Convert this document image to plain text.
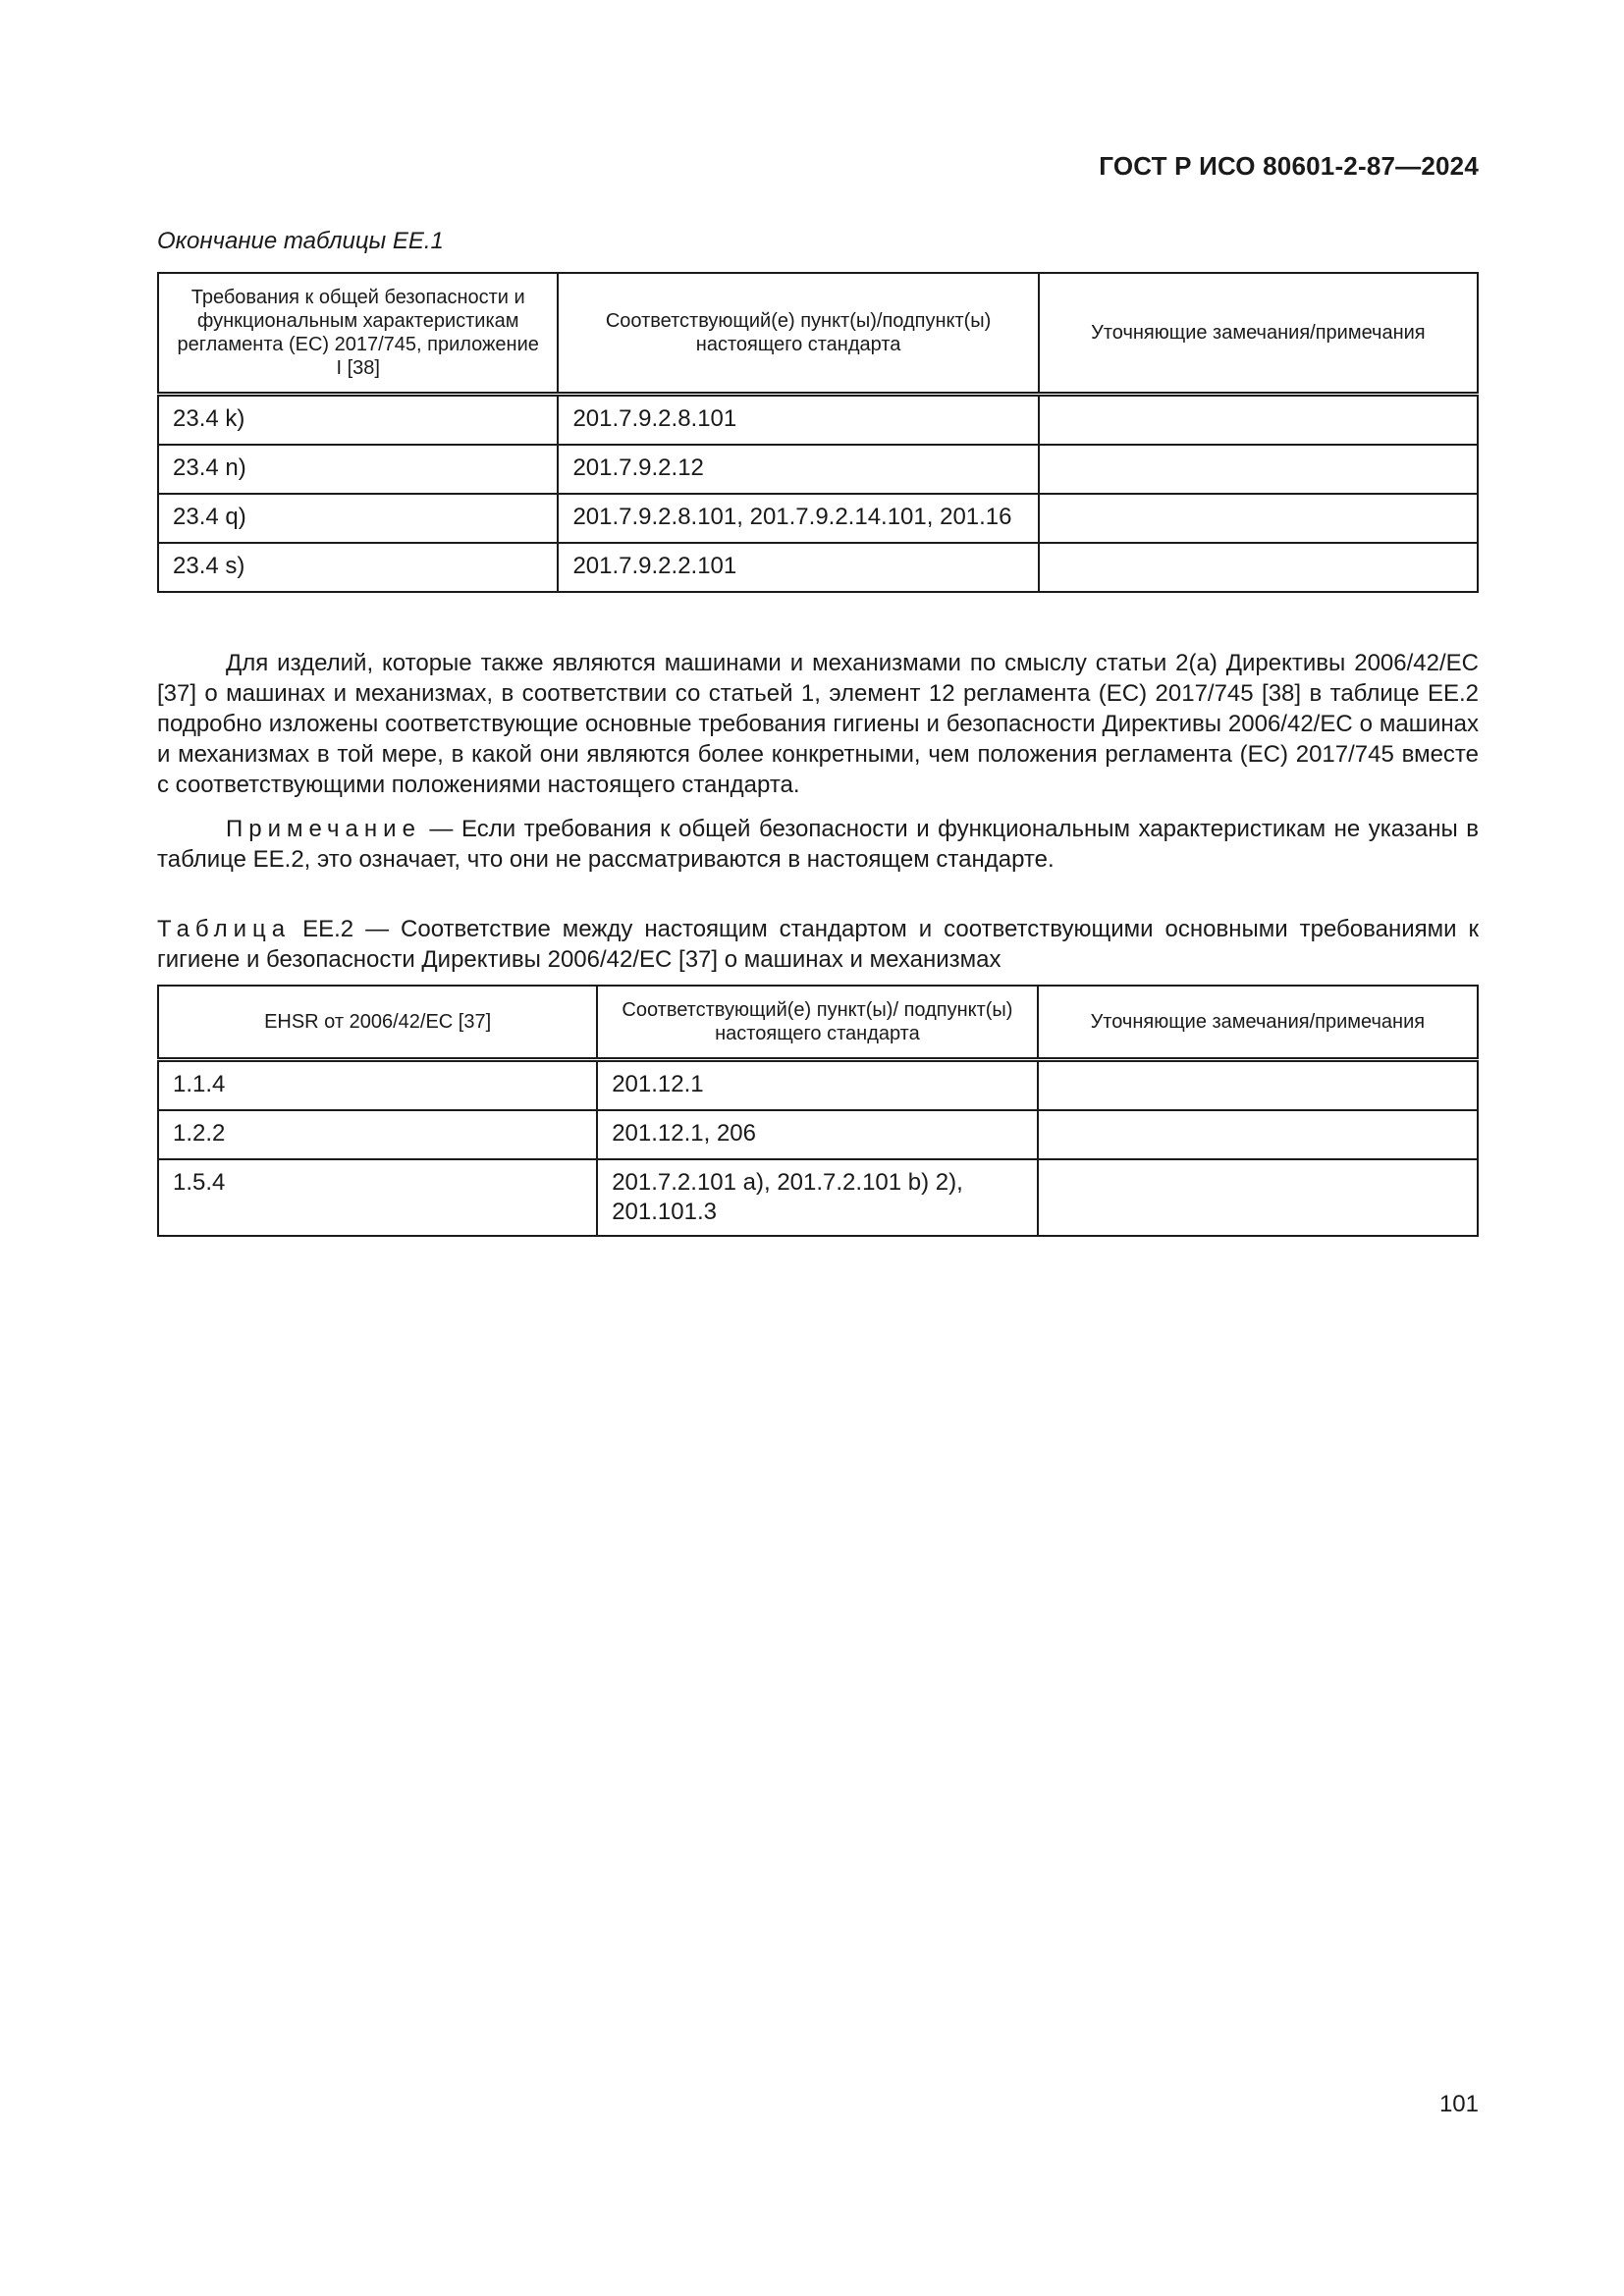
ГОСТ Р ИСО 80601-2-87—2024
Окончание таблицы ЕЕ.1
Требования к общей безопасности и функциональным характеристикам регламента (ЕС) 2017/745, приложение I [38]	Соответствующий(е) пункт(ы)/подпункт(ы) настоящего стандарта	Уточняющие замечания/примечания
23.4 k)	201.7.9.2.8.101	
23.4 n)	201.7.9.2.12	
23.4 q)	201.7.9.2.8.101, 201.7.9.2.14.101, 201.16	
23.4 s)	201.7.9.2.2.101	

Для изделий, которые также являются машинами и механизмами по смыслу статьи 2(a) Директивы 2006/42/ЕС [37] о машинах и механизмах, в соответствии со статьей 1, элемент 12 регламента (ЕС) 2017/745 [38] в таблице ЕЕ.2 подробно изложены соответствующие основные требования гигиены и безопасности Директивы 2006/42/ЕС о машинах и механизмах в той мере, в какой они являются более конкретными, чем положения регламента (ЕС) 2017/745 вместе с соответствующими положениями настоящего стандарта.

Примечание — Если требования к общей безопасности и функциональным характеристикам не указаны в таблице ЕЕ.2, это означает, что они не рассматриваются в настоящем стандарте.

Таблица ЕЕ.2 — Соответствие между настоящим стандартом и соответствующими основными требованиями к гигиене и безопасности Директивы 2006/42/ЕС [37] о машинах и механизмах

EHSR от 2006/42/ЕС [37]	Соответствующий(е) пункт(ы)/ подпункт(ы) настоящего стандарта	Уточняющие замечания/примечания
1.1.4	201.12.1	
1.2.2	201.12.1, 206	
1.5.4	201.7.2.101 a), 201.7.2.101 b) 2), 201.101.3	
101
